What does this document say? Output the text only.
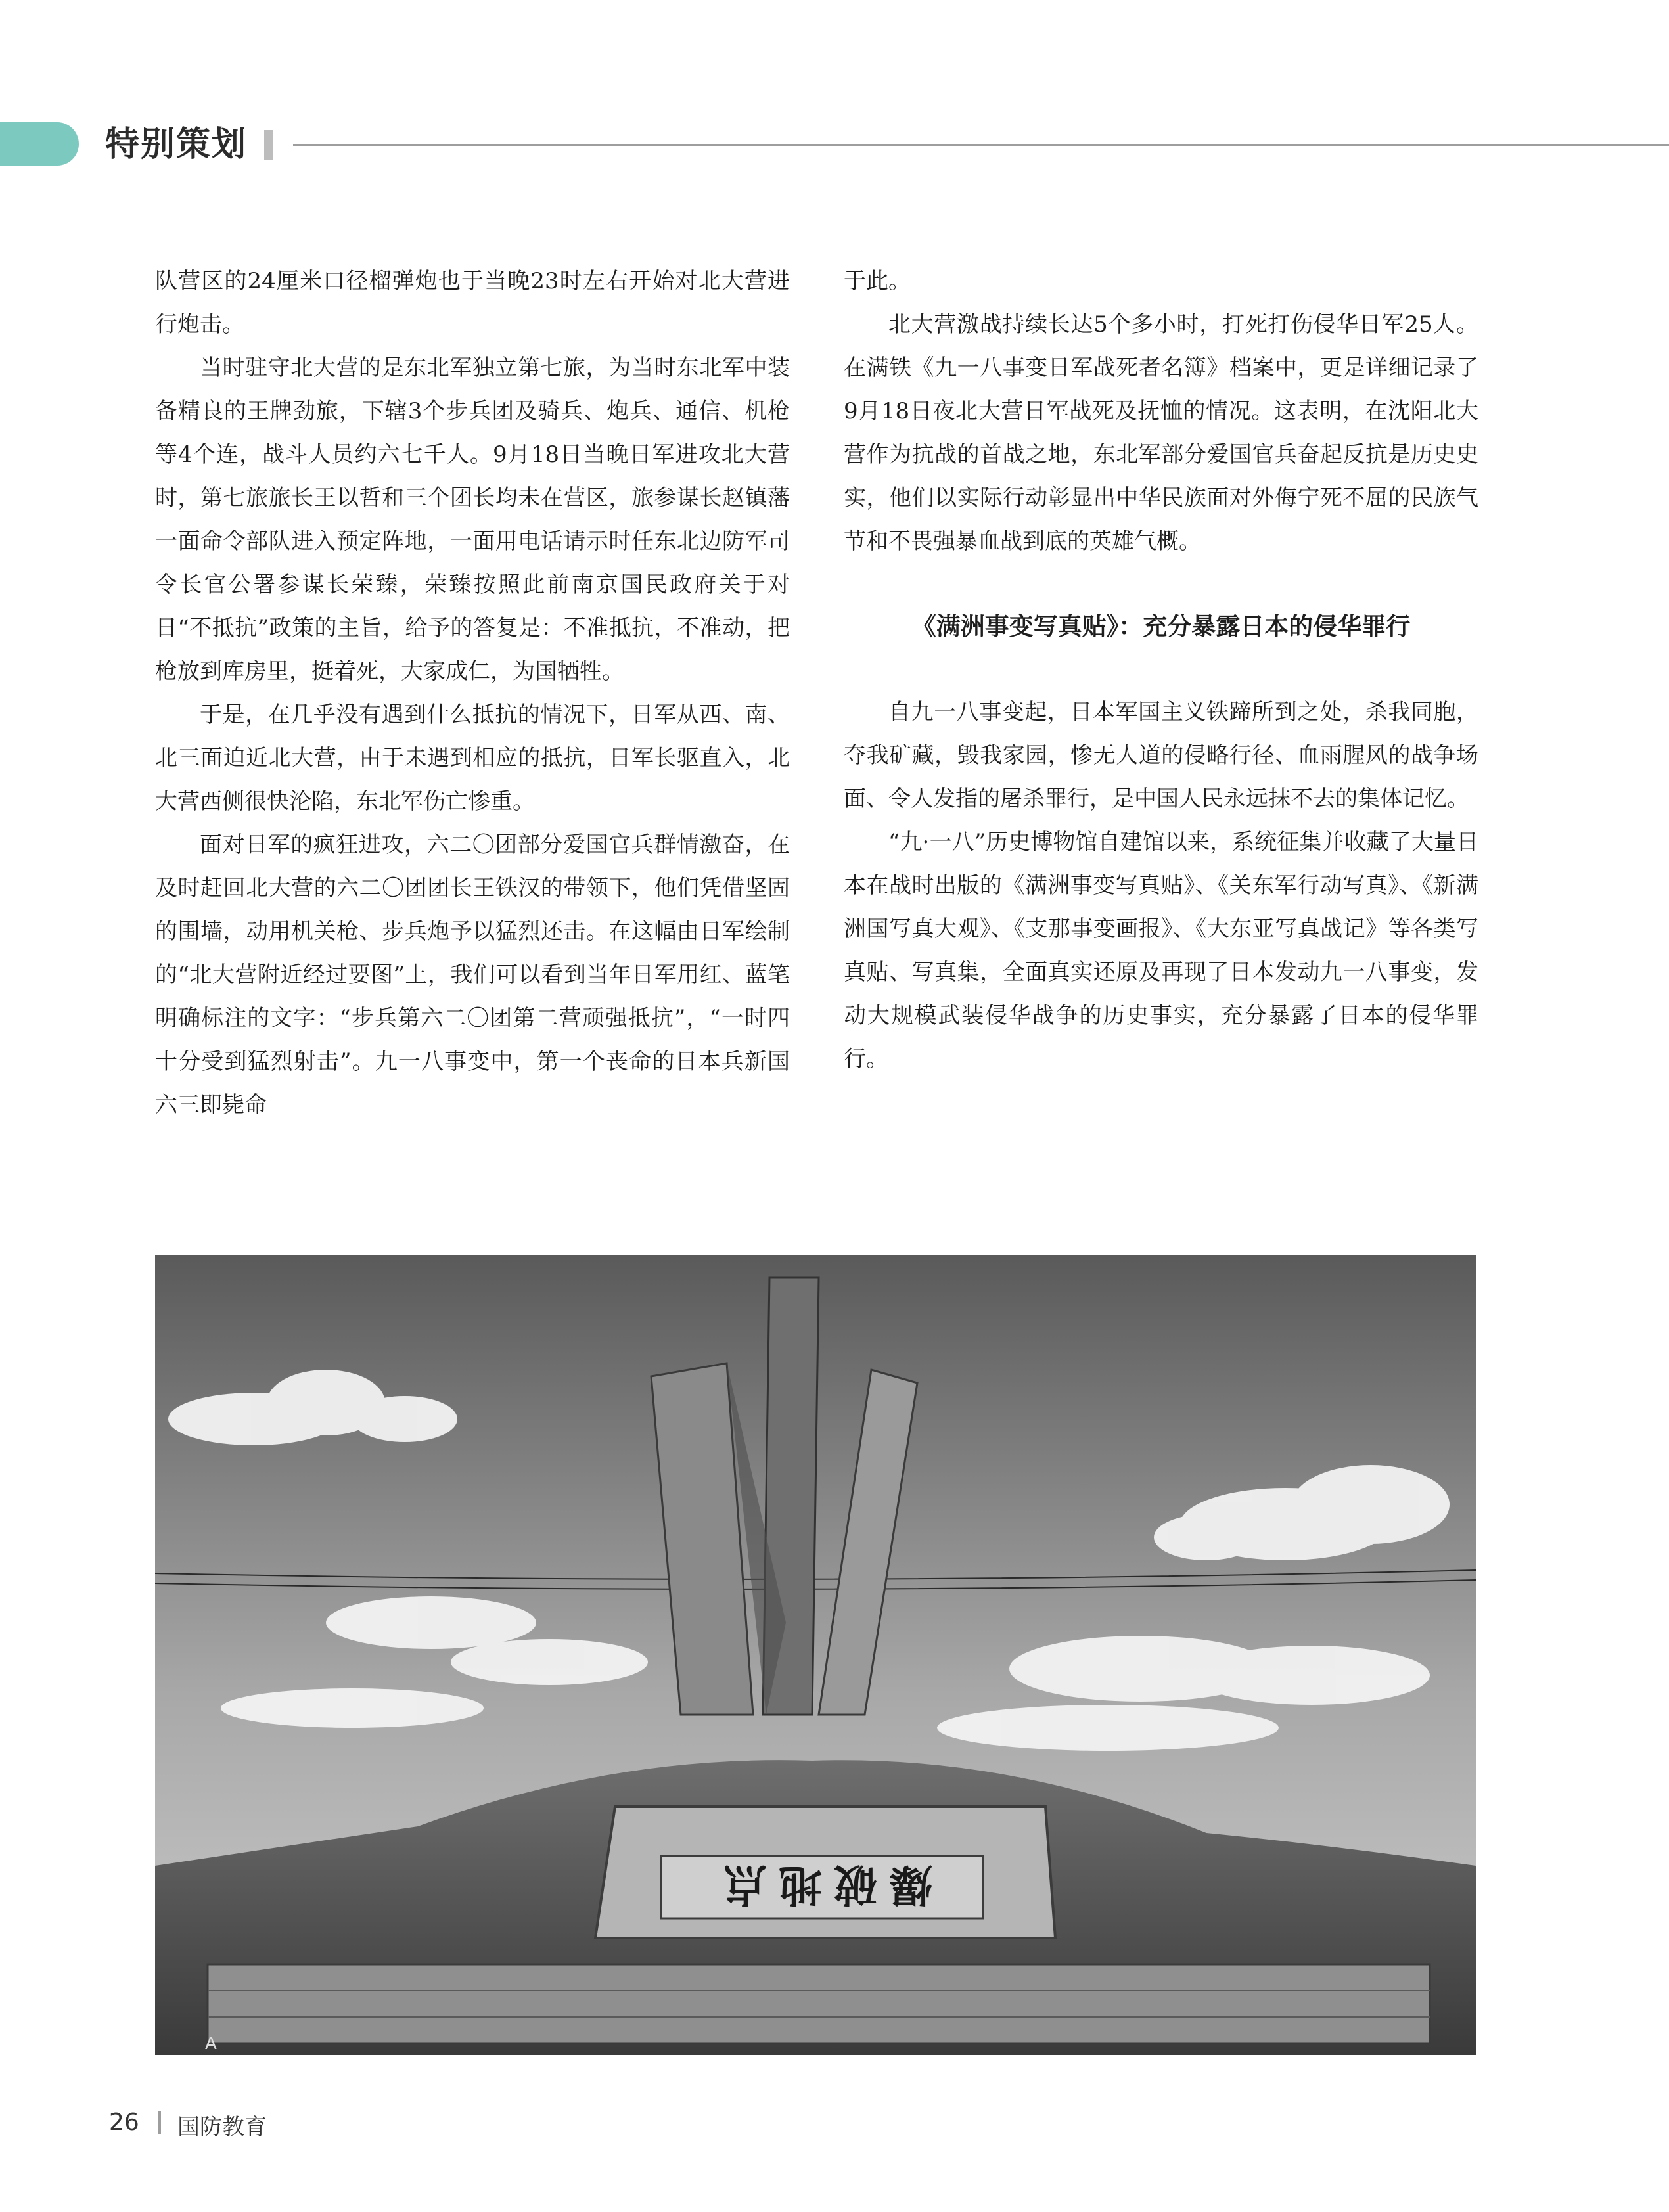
特别策划

队营区的24厘米口径榴弹炮也于当晚23时左右开始对北大营进行炮击。

当时驻守北大营的是东北军独立第七旅，为当时东北军中装备精良的王牌劲旅，下辖3个步兵团及骑兵、炮兵、通信、机枪等4个连，战斗人员约六七千人。9月18日当晚日军进攻北大营时，第七旅旅长王以哲和三个团长均未在营区，旅参谋长赵镇藩一面命令部队进入预定阵地，一面用电话请示时任东北边防军司令长官公署参谋长荣臻，荣臻按照此前南京国民政府关于对日“不抵抗”政策的主旨，给予的答复是：不准抵抗，不准动，把枪放到库房里，挺着死，大家成仁，为国牺牲。

于是，在几乎没有遇到什么抵抗的情况下，日军从西、南、北三面迫近北大营，由于未遇到相应的抵抗，日军长驱直入，北大营西侧很快沦陷，东北军伤亡惨重。

面对日军的疯狂进攻，六二〇团部分爱国官兵群情激奋，在及时赶回北大营的六二〇团团长王铁汉的带领下，他们凭借坚固的围墙，动用机关枪、步兵炮予以猛烈还击。在这幅由日军绘制的“北大营附近经过要图”上，我们可以看到当年日军用红、蓝笔明确标注的文字：“步兵第六二〇团第二营顽强抵抗”，“一时四十分受到猛烈射击”。九一八事变中，第一个丧命的日本兵新国六三即毙命

于此。

北大营激战持续长达5个多小时，打死打伤侵华日军25人。在满铁《九一八事变日军战死者名簿》档案中，更是详细记录了9月18日夜北大营日军战死及抚恤的情况。这表明，在沈阳北大营作为抗战的首战之地，东北军部分爱国官兵奋起反抗是历史史实，他们以实际行动彰显出中华民族面对外侮宁死不屈的民族气节和不畏强暴血战到底的英雄气概。

《满洲事变写真贴》：充分暴露日本的侵华罪行

自九一八事变起，日本军国主义铁蹄所到之处，杀我同胞，夺我矿藏，毁我家园，惨无人道的侵略行径、血雨腥风的战争场面、令人发指的屠杀罪行，是中国人民永远抹不去的集体记忆。

“九·一八”历史博物馆自建馆以来，系统征集并收藏了大量日本在战时出版的《满洲事变写真贴》、《关东军行动写真》、《新满洲国写真大观》、《支那事变画报》、《大东亚写真战记》等各类写真贴、写真集，全面真实还原及再现了日本发动九一八事变，发动大规模武装侵华战争的历史事实，充分暴露了日本的侵华罪行。

爆破地点
A
26 国防教育
